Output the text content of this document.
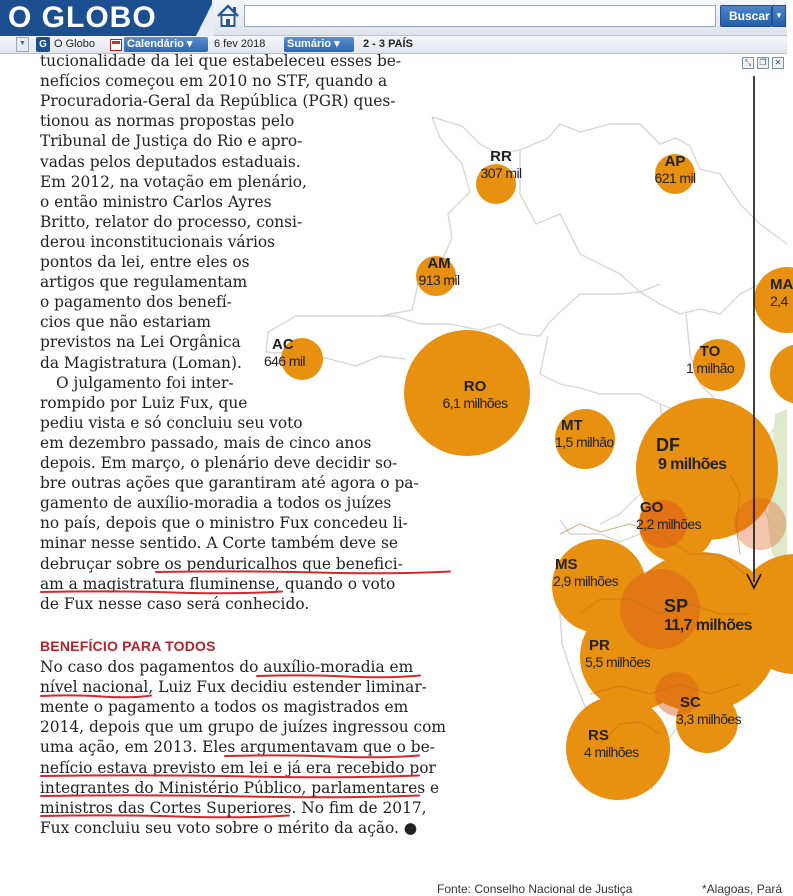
O GLOBO	Buscar ▼
▼	G O Globo	Calendário ▾	6 fev 2018 Sumário ▾	2 - 3 PAÍS
RR
307 mil
AP
621 mil
AM
913 mil
AC
646 mil
RO
6,1 milhões
TO
1 milhão
MT
1,5 milhão	DF
9 milhões
GO
2,2 milhões
MS
2,9 milhões
SP
11,7 milhões
PR
5,5 milhões
SC
3,3 milhões
RS
4 milhões
MA
2,4
Fonte: Conselho Nacional de Justiça	*Alagoas, Pará
⤡	❐	✕
tucionalidade da lei que estabeleceu esses be-
nefícios começou em 2010 no STF, quando a
Procuradoria-Geral da República (PGR) ques-
tionou as normas propostas pelo
Tribunal de Justiça do Rio e apro-
vadas pelos deputados estaduais.
Em 2012, na votação em plenário,
o então ministro Carlos Ayres
Britto, relator do processo, consi-
derou inconstitucionais vários
pontos da lei, entre eles os
artigos que regulamentam
o pagamento dos benefí-
cios que não estariam
previstos na Lei Orgânica
da Magistratura (Loman).
O julgamento foi inter-
rompido por Luiz Fux, que
pediu vista e só concluiu seu voto
em dezembro passado, mais de cinco anos
depois. Em março, o plenário deve decidir so-
bre outras ações que garantiram até agora o pa-
gamento de auxílio-moradia a todos os juízes
no país, depois que o ministro Fux concedeu li-
minar nesse sentido. A Corte também deve se
debruçar sobre os penduricalhos que benefici-
am a magistratura fluminense, quando o voto
de Fux nesse caso será conhecido.
BENEFÍCIO PARA TODOS
No caso dos pagamentos do auxílio-moradia em
nível nacional, Luiz Fux decidiu estender liminar-
mente o pagamento a todos os magistrados em
2014, depois que um grupo de juízes ingressou com
uma ação, em 2013. Eles argumentavam que o be-
nefício estava previsto em lei e já era recebido por
integrantes do Ministério Público, parlamentares e
ministros das Cortes Superiores. No fim de 2017,
Fux concluiu seu voto sobre o mérito da ação. ●
